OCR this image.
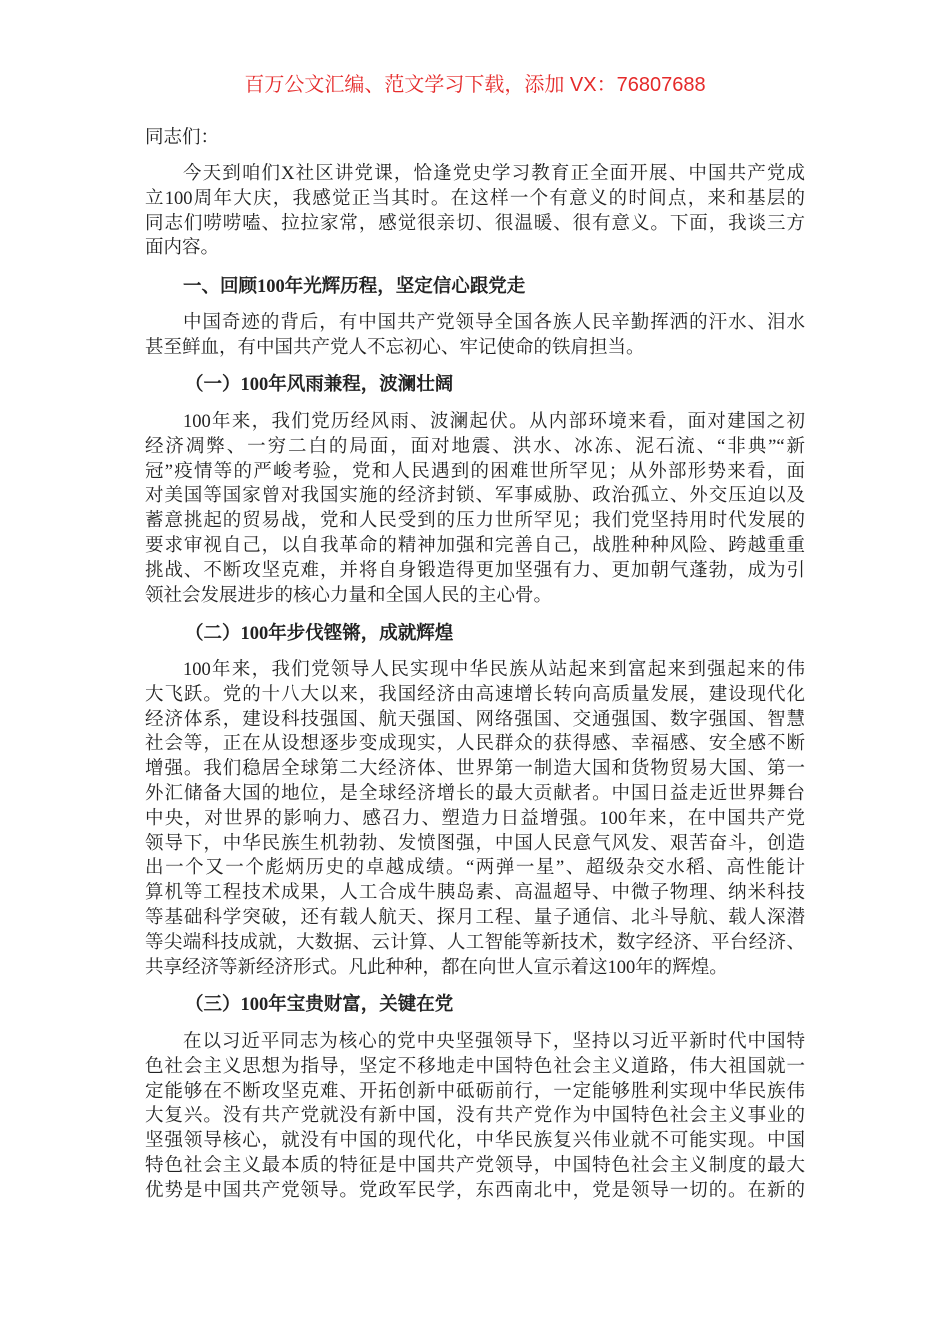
百万公文汇编、范文学习下载，添加 VX：76807688
同志们：
今天到咱们X社区讲党课，恰逢党史学习教育正全面开展、中国共产党成
立100周年大庆，我感觉正当其时。在这样一个有意义的时间点，来和基层的
同志们唠唠嗑、拉拉家常，感觉很亲切、很温暖、很有意义。下面，我谈三方
面内容。
一、回顾100年光辉历程，坚定信心跟党走
中国奇迹的背后，有中国共产党领导全国各族人民辛勤挥洒的汗水、泪水
甚至鲜血，有中国共产党人不忘初心、牢记使命的铁肩担当。
（一）100年风雨兼程，波澜壮阔
100年来，我们党历经风雨、波澜起伏。从内部环境来看，面对建国之初
经济凋弊、一穷二白的局面，面对地震、洪水、冰冻、泥石流、“非典”“新
冠”疫情等的严峻考验，党和人民遇到的困难世所罕见；从外部形势来看，面
对美国等国家曾对我国实施的经济封锁、军事威胁、政治孤立、外交压迫以及
蓄意挑起的贸易战，党和人民受到的压力世所罕见；我们党坚持用时代发展的
要求审视自己，以自我革命的精神加强和完善自己，战胜种种风险、跨越重重
挑战、不断攻坚克难，并将自身锻造得更加坚强有力、更加朝气蓬勃，成为引
领社会发展进步的核心力量和全国人民的主心骨。
（二）100年步伐铿锵，成就辉煌
100年来，我们党领导人民实现中华民族从站起来到富起来到强起来的伟
大飞跃。党的十八大以来，我国经济由高速增长转向高质量发展，建设现代化
经济体系，建设科技强国、航天强国、网络强国、交通强国、数字强国、智慧
社会等，正在从设想逐步变成现实，人民群众的获得感、幸福感、安全感不断
增强。我们稳居全球第二大经济体、世界第一制造大国和货物贸易大国、第一
外汇储备大国的地位，是全球经济增长的最大贡献者。中国日益走近世界舞台
中央，对世界的影响力、感召力、塑造力日益增强。100年来，在中国共产党
领导下，中华民族生机勃勃、发愤图强，中国人民意气风发、艰苦奋斗，创造
出一个又一个彪炳历史的卓越成绩。“两弹一星”、超级杂交水稻、高性能计
算机等工程技术成果，人工合成牛胰岛素、高温超导、中微子物理、纳米科技
等基础科学突破，还有载人航天、探月工程、量子通信、北斗导航、载人深潜
等尖端科技成就，大数据、云计算、人工智能等新技术，数字经济、平台经济、
共享经济等新经济形式。凡此种种，都在向世人宣示着这100年的辉煌。
（三）100年宝贵财富，关键在党
在以习近平同志为核心的党中央坚强领导下，坚持以习近平新时代中国特
色社会主义思想为指导，坚定不移地走中国特色社会主义道路，伟大祖国就一
定能够在不断攻坚克难、开拓创新中砥砺前行，一定能够胜利实现中华民族伟
大复兴。没有共产党就没有新中国，没有共产党作为中国特色社会主义事业的
坚强领导核心，就没有中国的现代化，中华民族复兴伟业就不可能实现。中国
特色社会主义最本质的特征是中国共产党领导，中国特色社会主义制度的最大
优势是中国共产党领导。党政军民学，东西南北中，党是领导一切的。在新的
